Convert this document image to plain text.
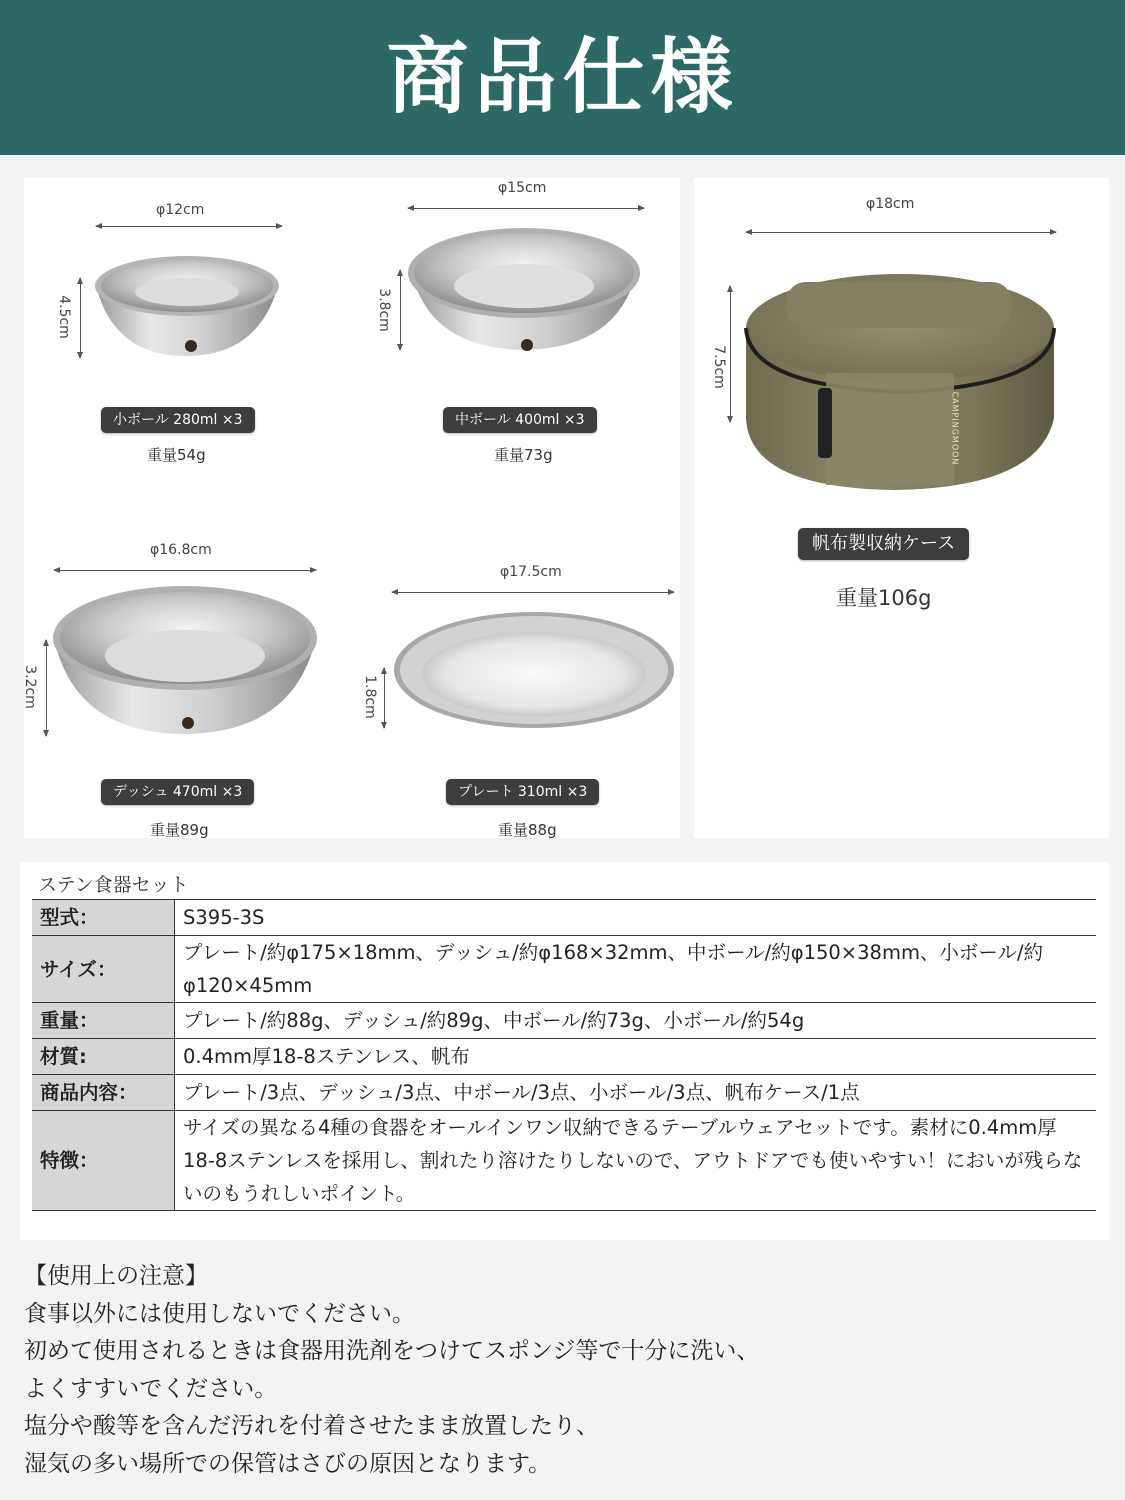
商品仕様
φ12cm
4.5cm
小ボール 280ml ×3
重量54g
φ15cm
3.8cm
中ボール 400ml ×3
重量73g
φ16.8cm
3.2cm
デッシュ 470ml ×3
重量89g
φ17.5cm
1.8cm
プレート 310ml ×3
重量88g
φ18cm
7.5cm
CAMPINGMOON
帆布製収納ケース
重量106g
ステン食器セット
型式：	S395-3S
サイズ：	プレート/約φ175×18mm、デッシュ/約φ168×32mm、中ボール/約φ150×38mm、小ボール/約φ120×45mm
重量：	プレート/約88g、デッシュ/約89g、中ボール/約73g、小ボール/約54g
材質:	0.4mm厚18-8ステンレス、帆布
商品内容：	プレート/3点、デッシュ/3点、中ボール/3点、小ボール/3点、帆布ケース/1点
特徴：	サイズの異なる4種の食器をオールインワン収納できるテーブルウェアセットです。素材に0.4mm厚18-8ステンレスを採用し、割れたり溶けたりしないので、アウトドアでも使いやすい！においが残らないのもうれしいポイント。
【使用上の注意】
食事以外には使用しないでください。
初めて使用されるときは食器用洗剤をつけてスポンジ等で十分に洗い、
よくすすいでください。
塩分や酸等を含んだ汚れを付着させたまま放置したり、
湿気の多い場所での保管はさびの原因となります。
